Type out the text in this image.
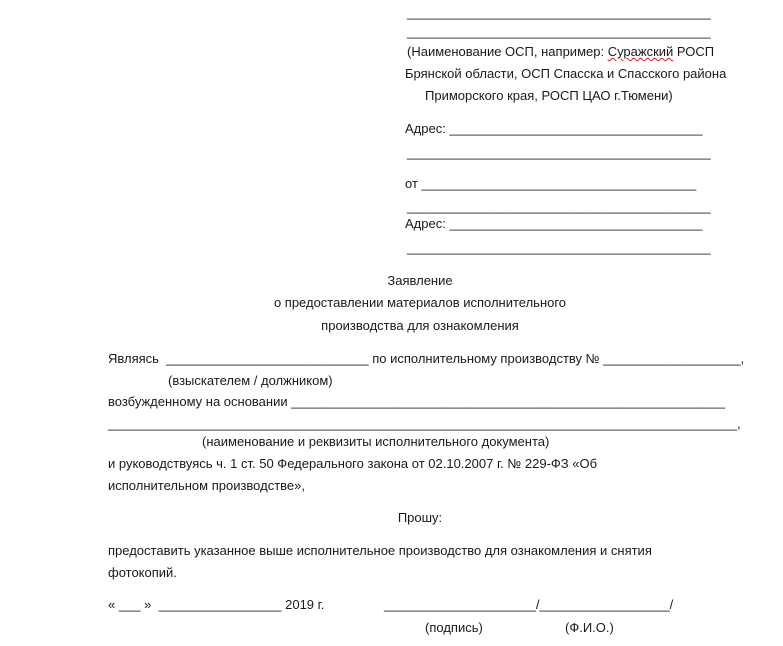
__________________________________________
__________________________________________
(Наименование ОСП, например: Суражский РОСП
Брянской области, ОСП Спасска и Спасского района
Приморского края, РОСП ЦАО г.Тюмени)
Адрес: ___________________________________
__________________________________________
от ______________________________________
__________________________________________
Адрес: ___________________________________
__________________________________________
Заявление
о предоставлении материалов исполнительного
производства для ознакомления
Являясь  ____________________________ по исполнительному производству № ___________________,
(взыскателем / должником)
возбужденному на основании ____________________________________________________________
_______________________________________________________________________________________,
(наименование и реквизиты исполнительного документа)
и руководствуясь ч. 1 ст. 50 Федерального закона от 02.10.2007 г. № 229-ФЗ «Об
исполнительном производстве»,
Прошу:
предоставить указанное выше исполнительное производство для ознакомления и снятия
фотокопий.
« ___ »  _________________ 2019 г.	_____________________/__________________/
(подпись)	(Ф.И.О.)
